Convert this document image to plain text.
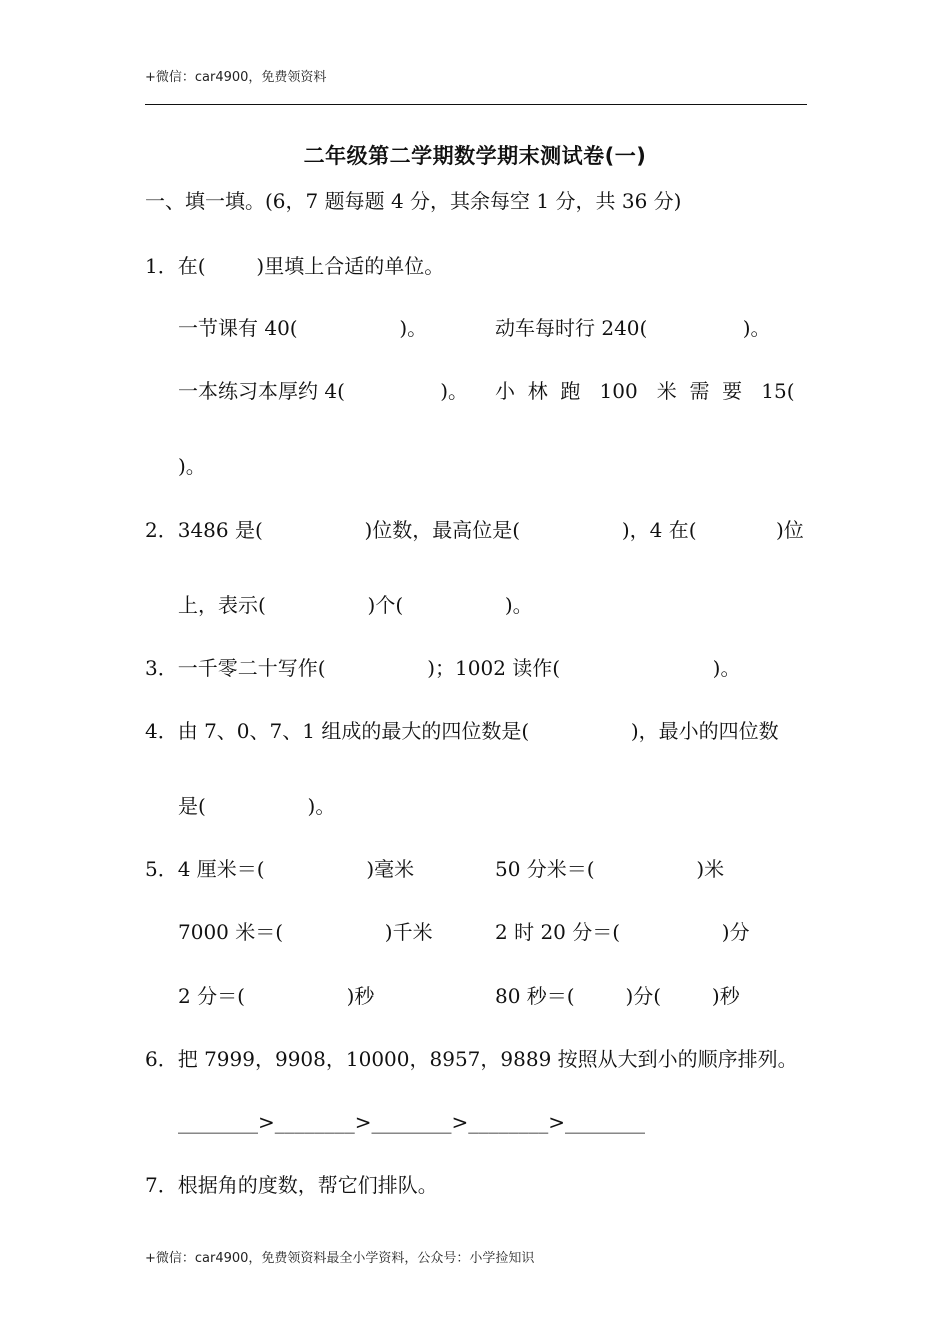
+微信：car4900，免费领资料
二年级第二学期数学期末测试卷(一)
一、填一填。(6，7 题每题 4 分，其余每空 1 分，共 36 分)
1．在(        )里填上合适的单位。
一节课有 40(                )。	动车每时行 240(               )。
一本练习本厚约 4(               )。 小  林  跑   100   米  需  要   15(
)。
2．3486 是(                )位数，最高位是(                )，4 在(	)位
上，表示(                )个(                )。
3．一千零二十写作(                )；1002 读作(                        )。
4．由 7、0、7、1 组成的最大的四位数是(                )，最小的四位数
是(                )。
5．4 厘米＝(                )毫米	50 分米＝(                )米
7000 米＝(                )千米	2 时 20 分＝(                )分
2 分＝(                )秒	80 秒＝(        )分(        )秒
6．把 7999，9908，10000，8957，9889 按照从大到小的顺序排列。
________>________>________>________>________
7．根据角的度数，帮它们排队。
+微信：car4900，免费领资料最全小学资料，公众号：小学捡知识
